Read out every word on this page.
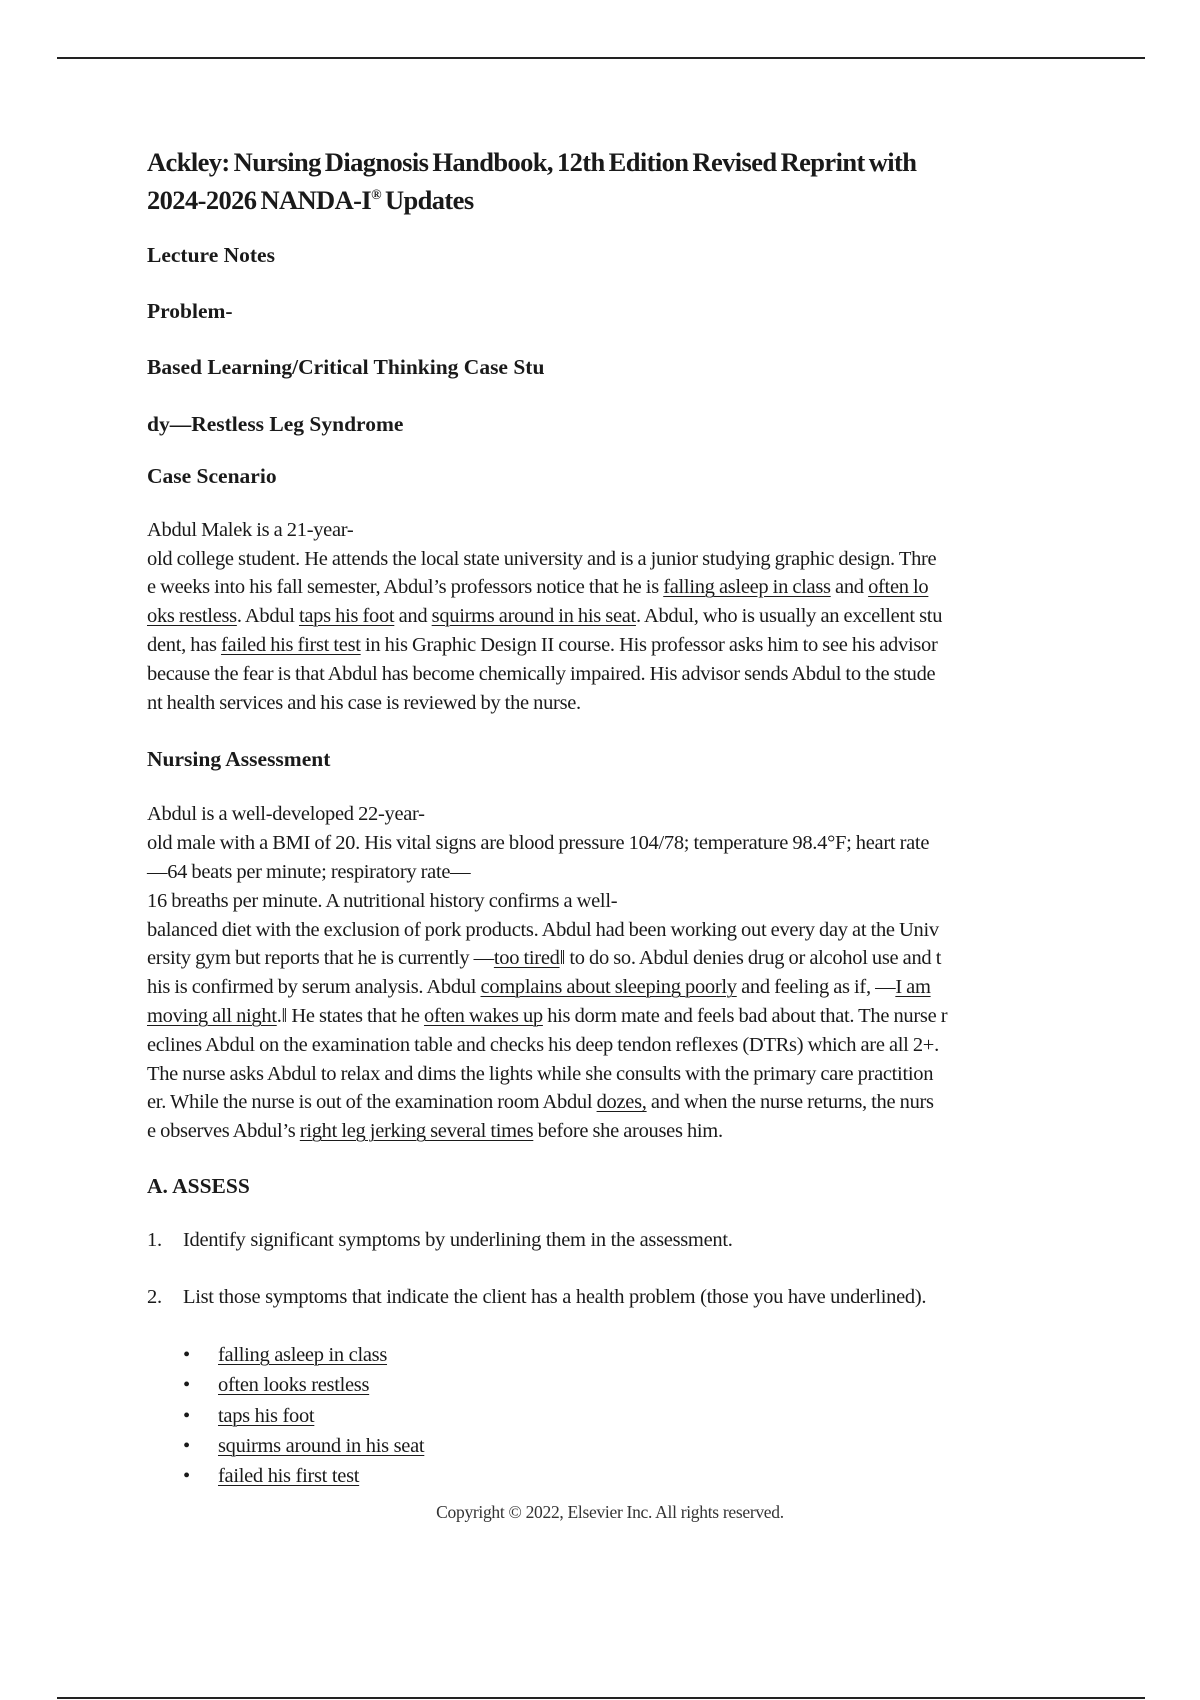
Ackley: Nursing Diagnosis Handbook, 12th Edition Revised Reprint with
2024-2026 NANDA-I® Updates

Lecture Notes

Problem-

Based Learning/Critical Thinking Case Stu

dy—Restless Leg Syndrome

Case Scenario

Abdul Malek is a 21-year-
old college student. He attends the local state university and is a junior studying graphic design. Thre
e weeks into his fall semester, Abdul’s professors notice that he is falling asleep in class and often lo
oks restless. Abdul taps his foot and squirms around in his seat. Abdul, who is usually an excellent stu
dent, has failed his first test in his Graphic Design II course. His professor asks him to see his advisor
because the fear is that Abdul has become chemically impaired. His advisor sends Abdul to the stude
nt health services and his case is reviewed by the nurse.

Nursing Assessment

Abdul is a well-developed 22-year-
old male with a BMI of 20. His vital signs are blood pressure 104/78; temperature 98.4°F; heart rate
—64 beats per minute; respiratory rate—
16 breaths per minute. A nutritional history confirms a well-
balanced diet with the exclusion of pork products. Abdul had been working out every day at the Univ
ersity gym but reports that he is currently ―too tired‖ to do so. Abdul denies drug or alcohol use and t
his is confirmed by serum analysis. Abdul complains about sleeping poorly and feeling as if, ―I am
moving all night.‖ He states that he often wakes up his dorm mate and feels bad about that. The nurse r
eclines Abdul on the examination table and checks his deep tendon reflexes (DTRs) which are all 2+.
The nurse asks Abdul to relax and dims the lights while she consults with the primary care practition
er. While the nurse is out of the examination room Abdul dozes, and when the nurse returns, the nurs
e observes Abdul’s right leg jerking several times before she arouses him.

A. ASSESS

1. Identify significant symptoms by underlining them in the assessment.
2. List those symptoms that indicate the client has a health problem (those you have underlined).
• falling asleep in class
• often looks restless
• taps his foot
• squirms around in his seat
• failed his first test
Copyright © 2022, Elsevier Inc. All rights reserved.
